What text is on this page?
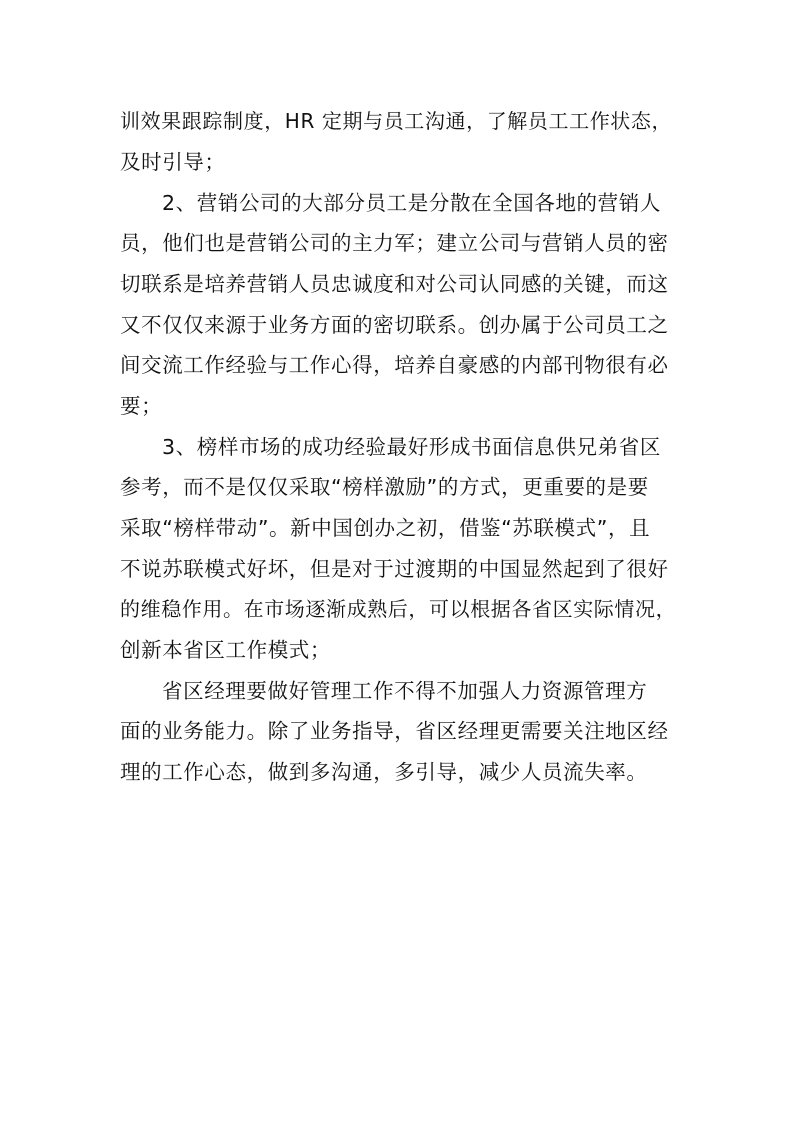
训效果跟踪制度，HR 定期与员工沟通，了解员工工作状态，
及时引导；
2、营销公司的大部分员工是分散在全国各地的营销人
员，他们也是营销公司的主力军；建立公司与营销人员的密
切联系是培养营销人员忠诚度和对公司认同感的关键，而这
又不仅仅来源于业务方面的密切联系。创办属于公司员工之
间交流工作经验与工作心得，培养自豪感的内部刊物很有必
要；
3、榜样市场的成功经验最好形成书面信息供兄弟省区
参考，而不是仅仅采取“榜样激励”的方式，更重要的是要
采取“榜样带动”。新中国创办之初，借鉴“苏联模式”，且
不说苏联模式好坏，但是对于过渡期的中国显然起到了很好
的维稳作用。在市场逐渐成熟后，可以根据各省区实际情况，
创新本省区工作模式；
省区经理要做好管理工作不得不加强人力资源管理方
面的业务能力。除了业务指导，省区经理更需要关注地区经
理的工作心态，做到多沟通，多引导，减少人员流失率。
